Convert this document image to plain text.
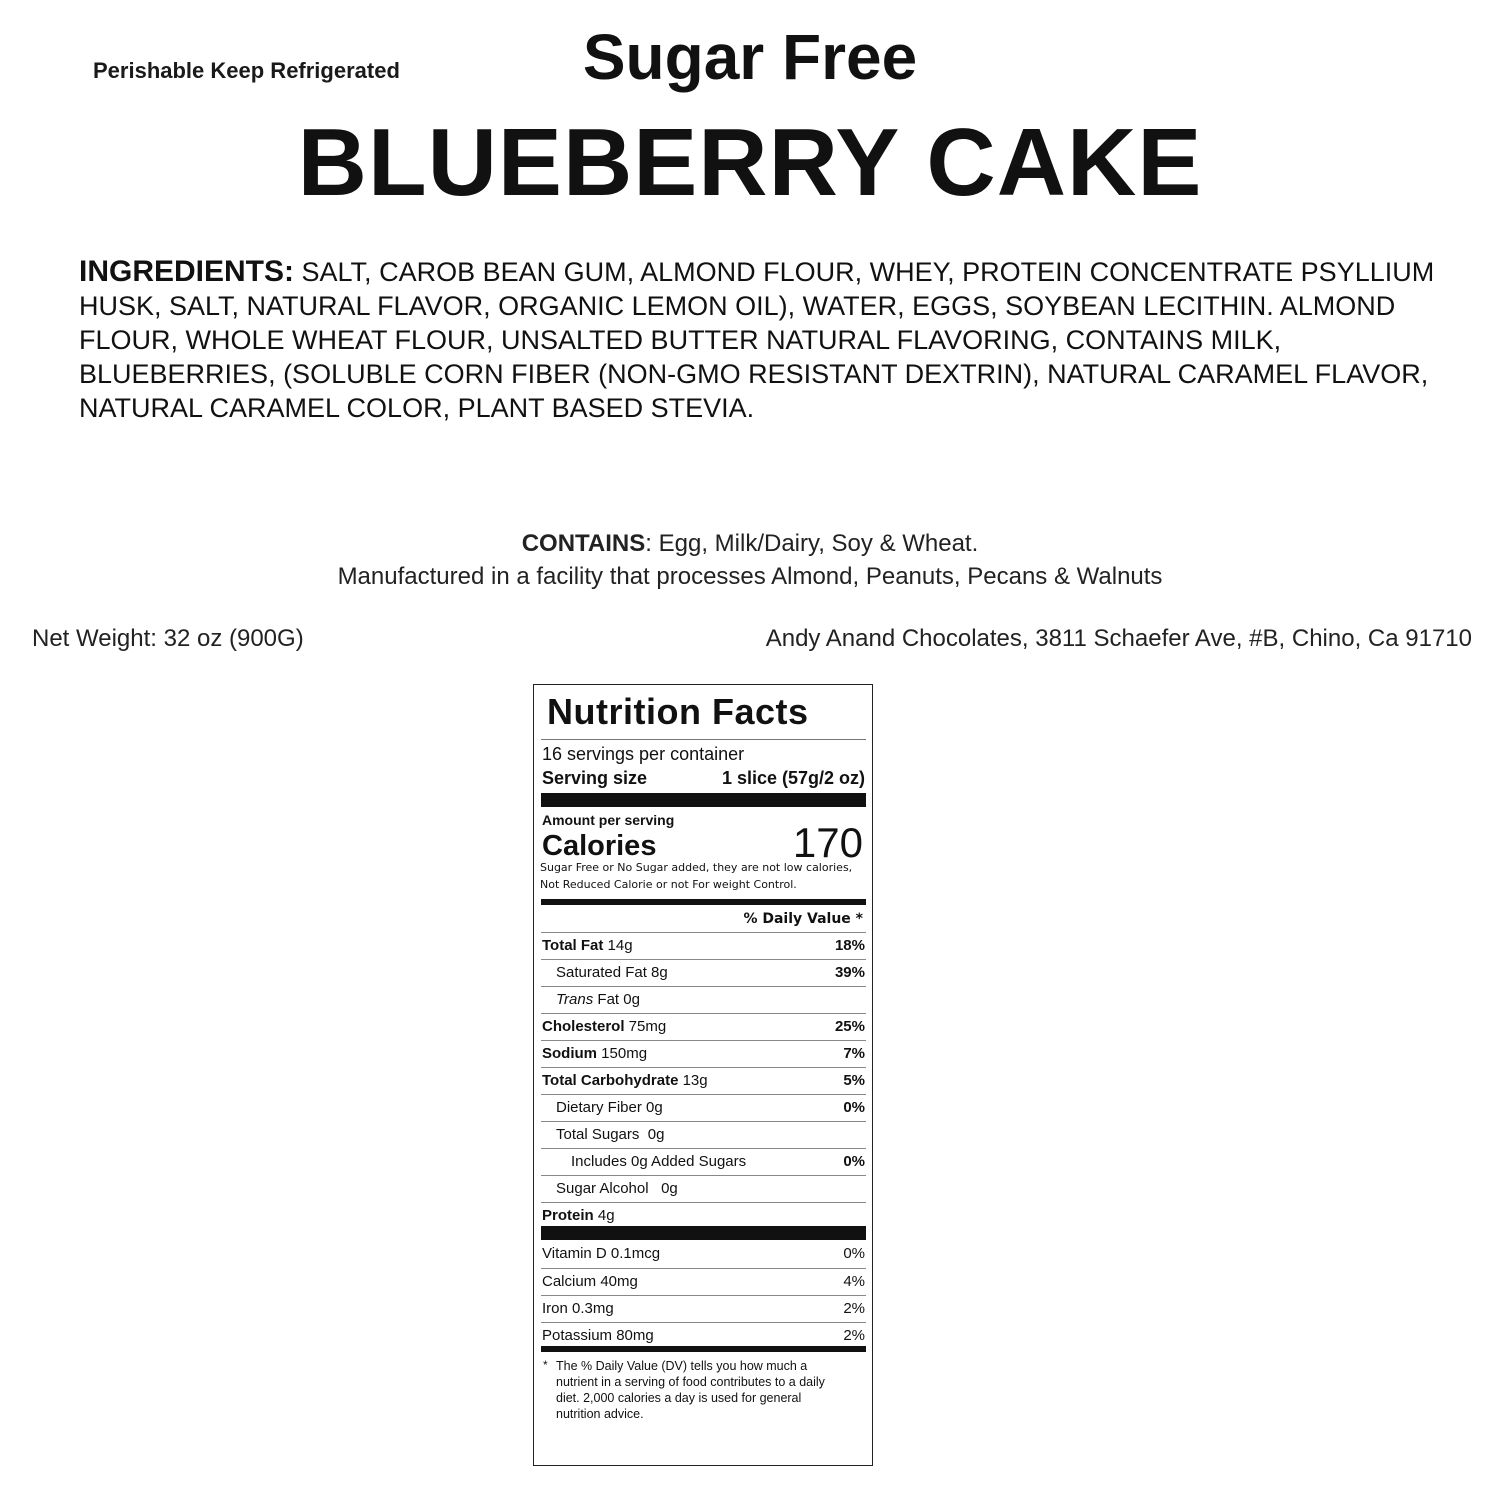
Perishable Keep Refrigerated	Sugar Free
BLUEBERRY CAKE
INGREDIENTS: SALT, CAROB BEAN GUM, ALMOND FLOUR, WHEY, PROTEIN CONCENTRATE PSYLLIUM HUSK, SALT, NATURAL FLAVOR, ORGANIC LEMON OIL), WATER, EGGS, SOYBEAN LECITHIN. ALMOND FLOUR, WHOLE WHEAT FLOUR, UNSALTED BUTTER NATURAL FLAVORING, CONTAINS MILK, BLUEBERRIES, (SOLUBLE CORN FIBER (NON-GMO RESISTANT DEXTRIN), NATURAL CARAMEL FLAVOR, NATURAL CARAMEL COLOR, PLANT BASED STEVIA.
CONTAINS: Egg, Milk/Dairy, Soy & Wheat.
Manufactured in a facility that processes Almond, Peanuts, Pecans & Walnuts
Net Weight: 32 oz (900G)	Andy Anand Chocolates, 3811 Schaefer Ave, #B, Chino, Ca 91710
Nutrition Facts
16 servings per container
Serving size	1 slice (57g/2 oz)
Amount per serving
Calories	170
Sugar Free or No Sugar added, they are not low calories,
Not Reduced Calorie or not For weight Control.
% Daily Value *
Total Fat 14g	18%
Saturated Fat 8g	39%
Trans Fat 0g
Cholesterol 75mg	25%
Sodium 150mg	7%
Total Carbohydrate 13g	5%
Dietary Fiber 0g	0%
Total Sugars  0g
Includes 0g Added Sugars	0%
Sugar Alcohol   0g
Protein 4g
Vitamin D 0.1mcg	0%
Calcium 40mg	4%
Iron 0.3mg	2%
Potassium 80mg	2%
* The % Daily Value (DV) tells you how much a nutrient in a serving of food contributes to a daily diet. 2,000 calories a day is used for general nutrition advice.
